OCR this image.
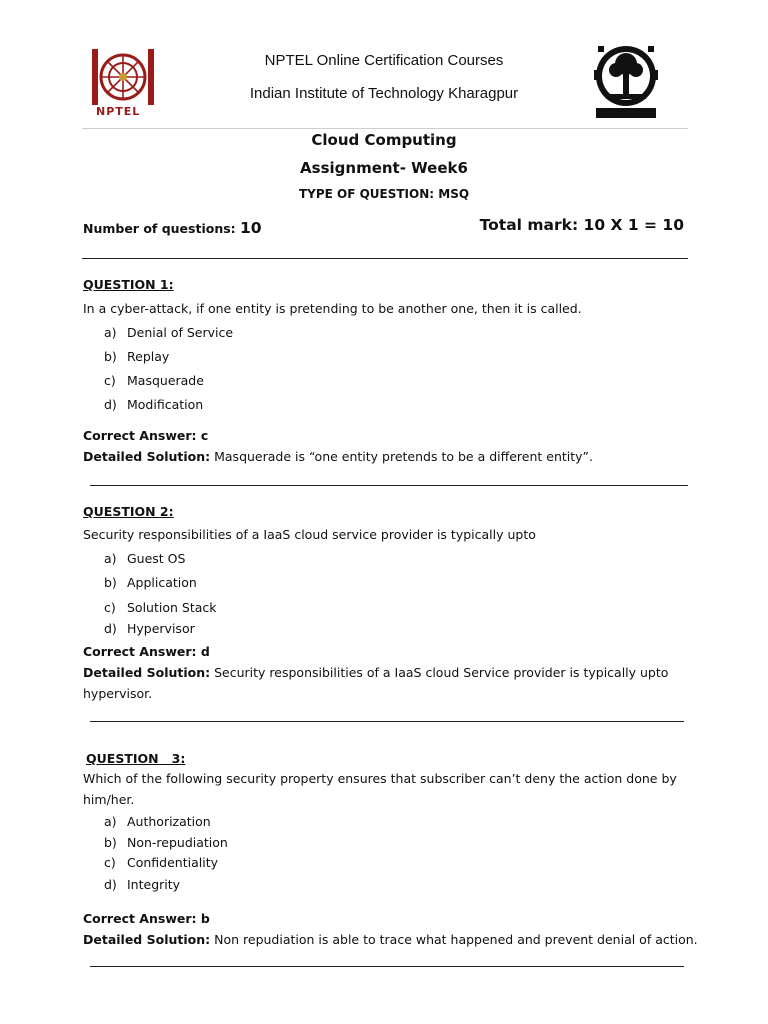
NPTEL
NPTEL Online Certification Courses
Indian Institute of Technology Kharagpur
Cloud Computing
Assignment- Week6
TYPE OF QUESTION: MSQ
Number of questions: 10	Total mark: 10 X 1 = 10
QUESTION 1:
In a cyber-attack, if one entity is pretending to be another one, then it is called.
a) Denial of Service
b) Replay
c) Masquerade
d) Modification
Correct Answer: c
Detailed Solution: Masquerade is “one entity pretends to be a different entity”.
QUESTION 2:
Security responsibilities of a IaaS cloud service provider is typically upto
a) Guest OS
b) Application
c) Solution Stack
d) Hypervisor
Correct Answer: d
Detailed Solution: Security responsibilities of a IaaS cloud Service provider is typically upto
hypervisor.
QUESTION   3:
Which of the following security property ensures that subscriber can’t deny the action done by
him/her.
a) Authorization
b) Non-repudiation
c) Confidentiality
d) Integrity
Correct Answer: b
Detailed Solution: Non repudiation is able to trace what happened and prevent denial of action.
